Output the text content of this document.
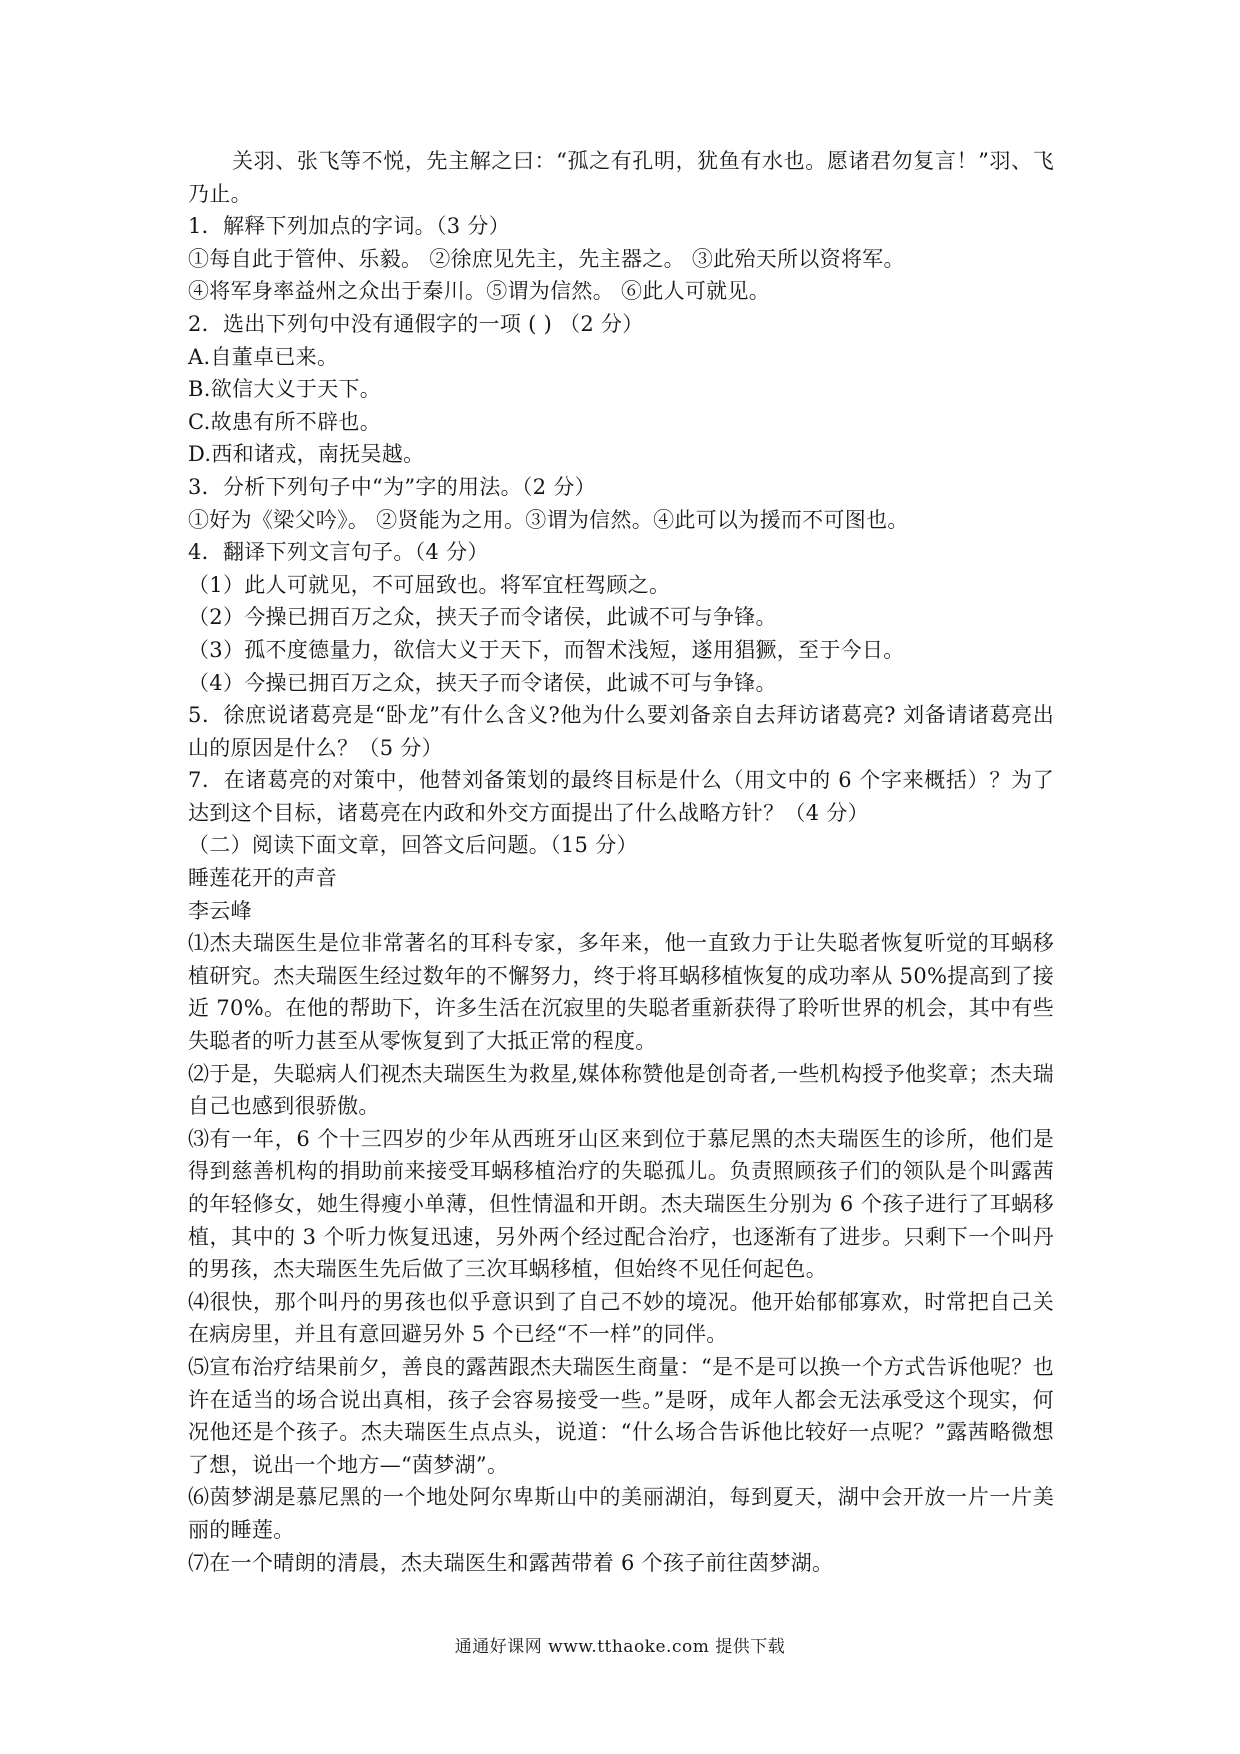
关羽、张飞等不悦，先主解之曰：“孤之有孔明，犹鱼有水也。愿诸君勿复言！”羽、飞乃止。

1．解释下列加点的字词。（3 分）

①每自此于管仲、乐毅。 ②徐庶见先主，先主器之。 ③此殆天所以资将军。

④将军身率益州之众出于秦川。⑤谓为信然。 ⑥此人可就见。

2．选出下列句中没有通假字的一项 ( ) （2 分）

A.自董卓已来。

B.欲信大义于天下。

C.故患有所不辟也。

D.西和诸戎，南抚吴越。

3．分析下列句子中“为”字的用法。（2 分）

①好为《梁父吟》。 ②贤能为之用。③谓为信然。④此可以为援而不可图也。

4．翻译下列文言句子。（4 分）

（1）此人可就见，不可屈致也。将军宜枉驾顾之。

（2）今操已拥百万之众，挟天子而令诸侯，此诚不可与争锋。

（3）孤不度德量力，欲信大义于天下，而智术浅短，遂用猖獗，至于今日。

（4）今操已拥百万之众，挟天子而令诸侯，此诚不可与争锋。

5．徐庶说诸葛亮是“卧龙”有什么含义?他为什么要刘备亲自去拜访诸葛亮? 刘备请诸葛亮出山的原因是什么？（5 分）

7．在诸葛亮的对策中，他替刘备策划的最终目标是什么（用文中的 6 个字来概括）？为了达到这个目标，诸葛亮在内政和外交方面提出了什么战略方针？（4 分）

（二）阅读下面文章，回答文后问题。（15 分）

睡莲花开的声音

李云峰

⑴杰夫瑞医生是位非常著名的耳科专家，多年来，他一直致力于让失聪者恢复听觉的耳蜗移植研究。杰夫瑞医生经过数年的不懈努力，终于将耳蜗移植恢复的成功率从 50%提高到了接近 70%。在他的帮助下，许多生活在沉寂里的失聪者重新获得了聆听世界的机会，其中有些失聪者的听力甚至从零恢复到了大抵正常的程度。

⑵于是，失聪病人们视杰夫瑞医生为救星,媒体称赞他是创奇者,一些机构授予他奖章；杰夫瑞自己也感到很骄傲。

⑶有一年，6 个十三四岁的少年从西班牙山区来到位于慕尼黑的杰夫瑞医生的诊所，他们是得到慈善机构的捐助前来接受耳蜗移植治疗的失聪孤儿。负责照顾孩子们的领队是个叫露茜的年轻修女，她生得瘦小单薄，但性情温和开朗。杰夫瑞医生分别为 6 个孩子进行了耳蜗移植，其中的 3 个听力恢复迅速，另外两个经过配合治疗，也逐渐有了进步。只剩下一个叫丹的男孩，杰夫瑞医生先后做了三次耳蜗移植，但始终不见任何起色。

⑷很快，那个叫丹的男孩也似乎意识到了自己不妙的境况。他开始郁郁寡欢，时常把自己关在病房里，并且有意回避另外 5 个已经“不一样”的同伴。

⑸宣布治疗结果前夕，善良的露茜跟杰夫瑞医生商量：“是不是可以换一个方式告诉他呢？也许在适当的场合说出真相，孩子会容易接受一些。”是呀，成年人都会无法承受这个现实，何况他还是个孩子。杰夫瑞医生点点头，说道：“什么场合告诉他比较好一点呢？”露茜略微想了想，说出一个地方—“茵梦湖”。

⑹茵梦湖是慕尼黑的一个地处阿尔卑斯山中的美丽湖泊，每到夏天，湖中会开放一片一片美丽的睡莲。

⑺在一个晴朗的清晨，杰夫瑞医生和露茜带着 6 个孩子前往茵梦湖。

通通好课网 www.tthaoke.com 提供下载
